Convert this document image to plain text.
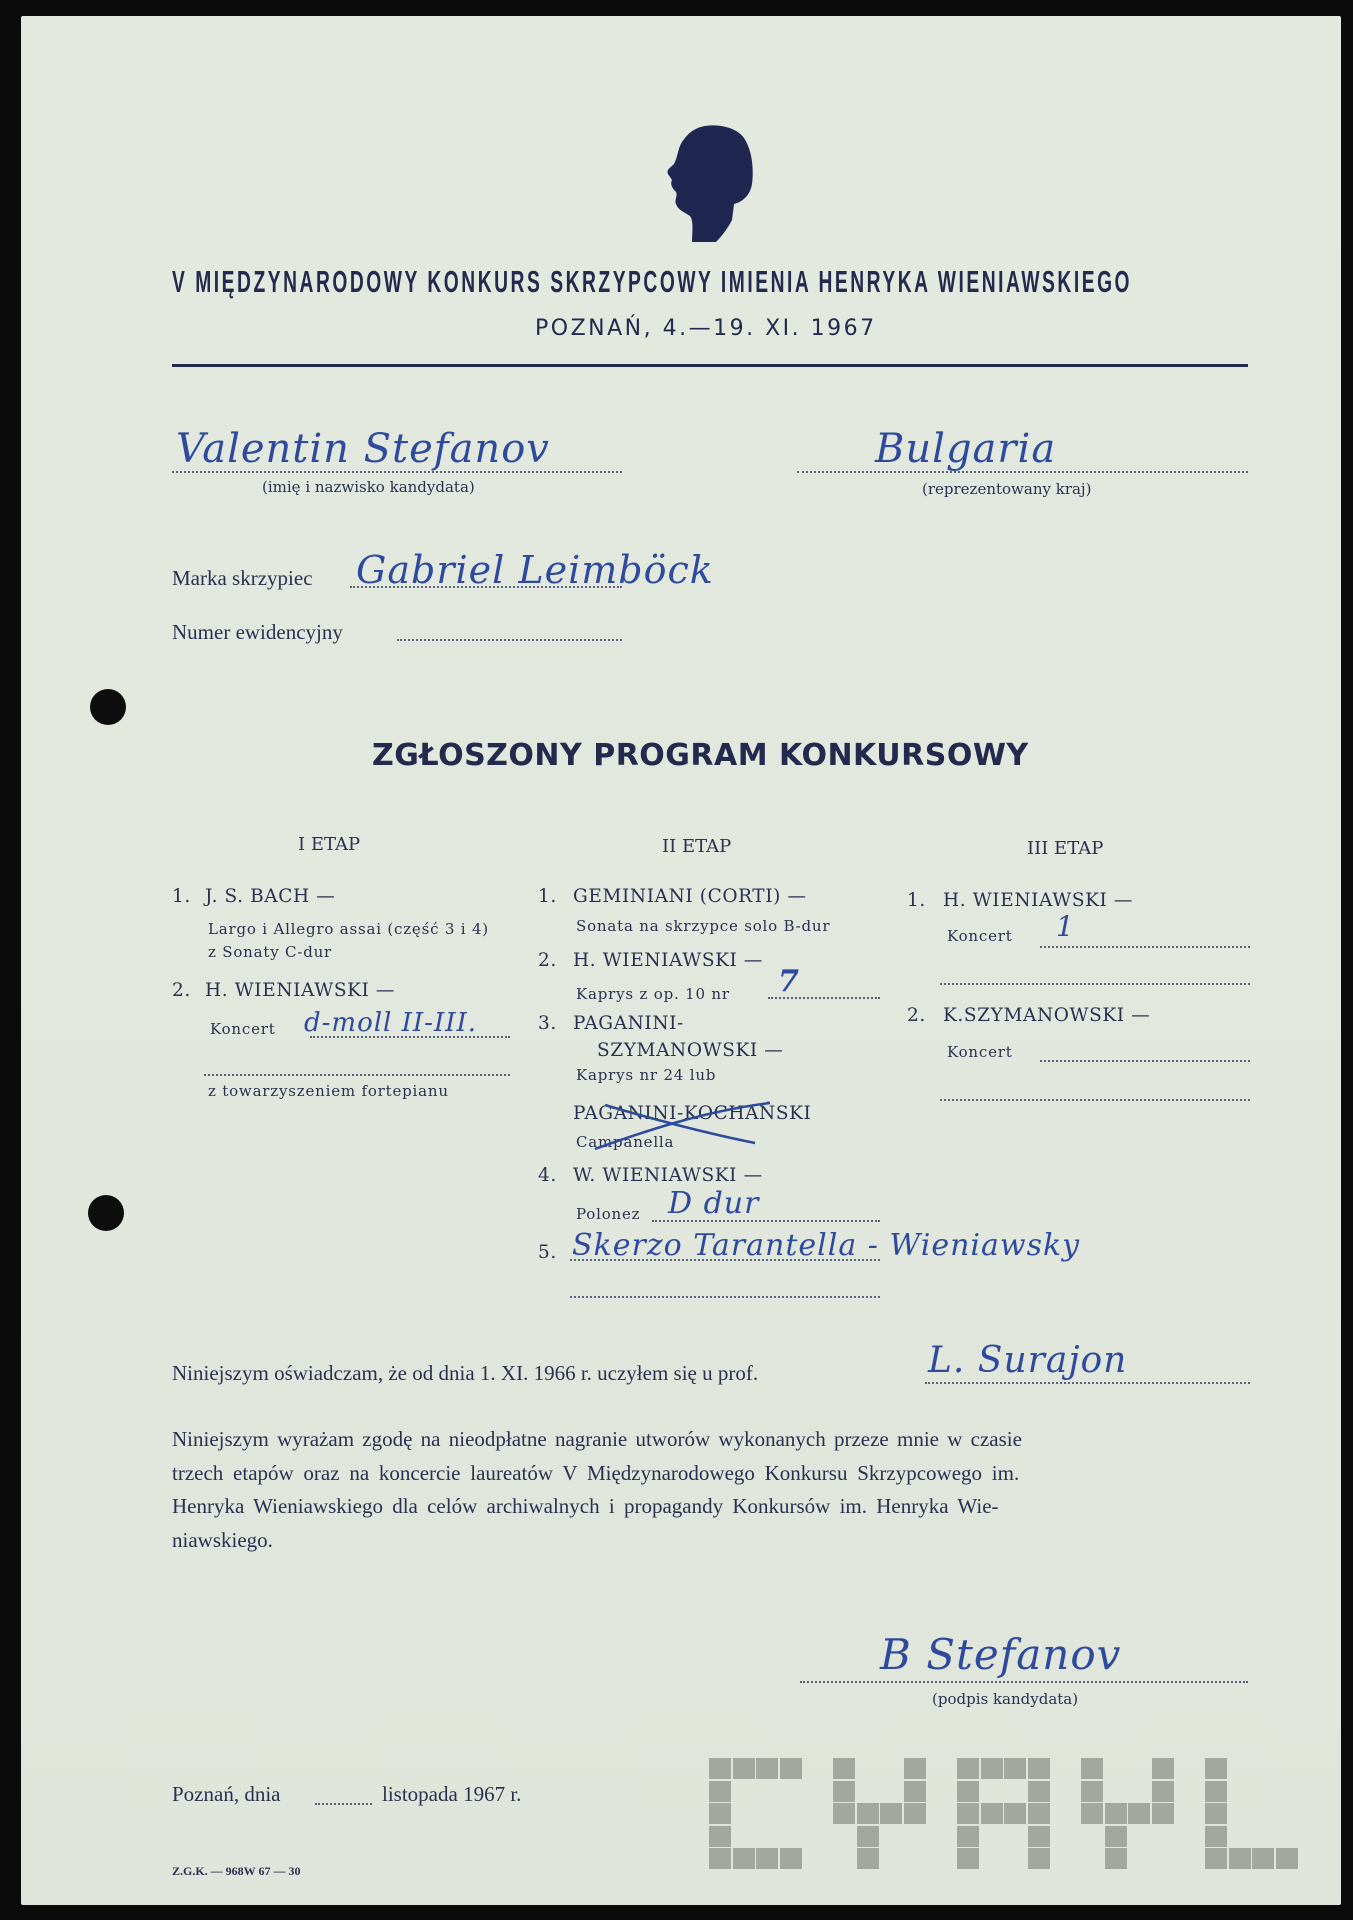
V MIĘDZYNARODOWY KONKURS SKRZYPCOWY IMIENIA HENRYKA WIENIAWSKIEGO
POZNAŃ, 4.—19. XI. 1967
Valentin Stefanov
(imię i nazwisko kandydata)
Bulgaria
(reprezentowany kraj)
Marka skrzypiec Gabriel Leimböck
Numer ewidencyjny
ZGŁOSZONY PROGRAM KONKURSOWY
I ETAP	II ETAP	III ETAP
1. J. S. BACH —
Largo i Allegro assai (część 3 i 4)
z Sonaty C-dur
2. H. WIENIAWSKI —
Koncert d-moll II-III.
z towarzyszeniem fortepianu
1. GEMINIANI (CORTI) —
Sonata na skrzypce solo B-dur
2. H. WIENIAWSKI —
Kaprys z op. 10 nr 7
3. PAGANINI-
SZYMANOWSKI —
Kaprys nr 24 lub
PAGANINI-KOCHAŃSKI
Campanella
4. W. WIENIAWSKI —
Polonez D dur
5. Skerzo Tarantella - Wieniawsky
1. H. WIENIAWSKI —
Koncert 1
2. K.SZYMANOWSKI —
Koncert
Niniejszym oświadczam, że od dnia 1. XI. 1966 r. uczyłem się u prof.	L. Surajon
Niniejszym wyrażam zgodę na nieodpłatne nagranie utworów wykonanych przeze mnie w czasie
trzech etapów oraz na koncercie laureatów V Międzynarodowego Konkursu Skrzypcowego im.
Henryka Wieniawskiego dla celów archiwalnych i propagandy Konkursów im. Henryka Wie-
niawskiego.
B Stefanov
(podpis kandydata)
Poznań, dnia	listopada 1967 r.
Z.G.K. — 968W 67 — 30
